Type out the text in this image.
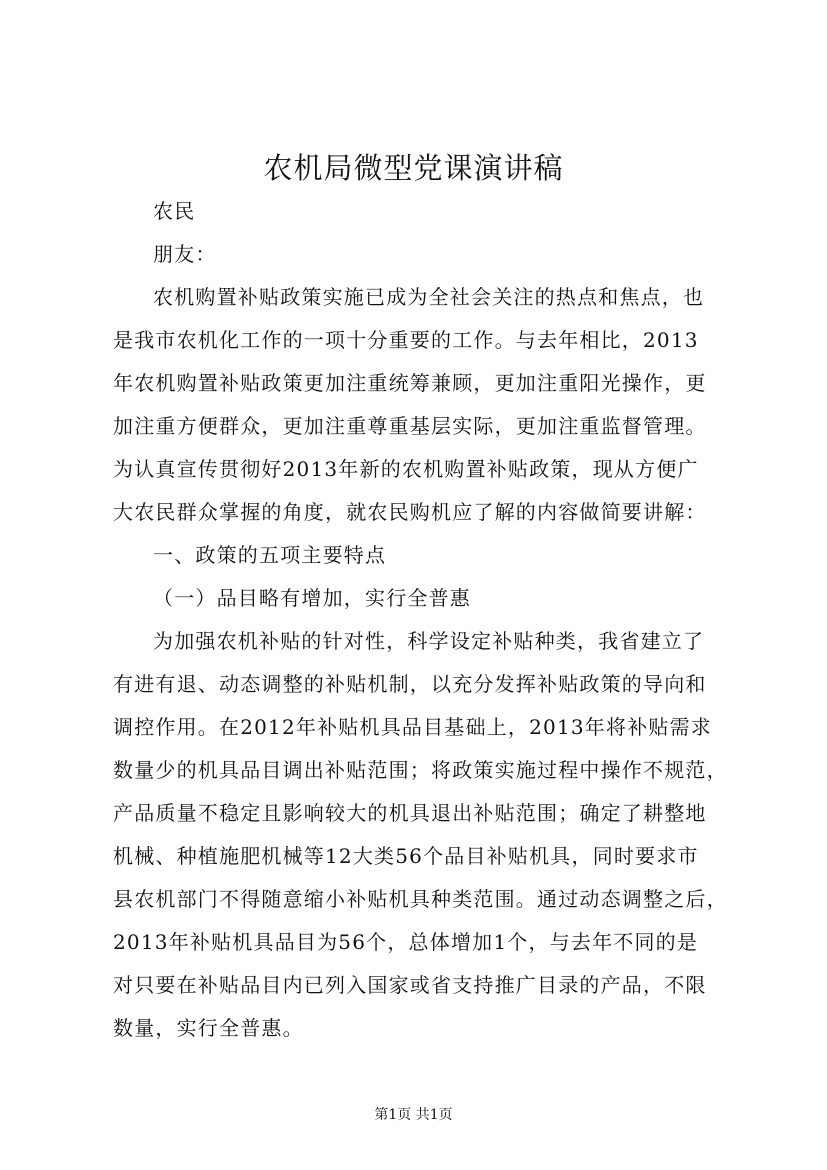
农机局微型党课演讲稿
农民
朋友：
农机购置补贴政策实施已成为全社会关注的热点和焦点，也
是我市农机化工作的一项十分重要的工作。与去年相比，2013
年农机购置补贴政策更加注重统筹兼顾，更加注重阳光操作，更
加注重方便群众，更加注重尊重基层实际，更加注重监督管理。
为认真宣传贯彻好2013年新的农机购置补贴政策，现从方便广
大农民群众掌握的角度，就农民购机应了解的内容做简要讲解：
一、政策的五项主要特点
（一）品目略有增加，实行全普惠
为加强农机补贴的针对性，科学设定补贴种类，我省建立了
有进有退、动态调整的补贴机制，以充分发挥补贴政策的导向和
调控作用。在2012年补贴机具品目基础上，2013年将补贴需求
数量少的机具品目调出补贴范围；将政策实施过程中操作不规范，
产品质量不稳定且影响较大的机具退出补贴范围；确定了耕整地
机械、种植施肥机械等12大类56个品目补贴机具，同时要求市
县农机部门不得随意缩小补贴机具种类范围。通过动态调整之后，
2013年补贴机具品目为56个，总体增加1个，与去年不同的是
对只要在补贴品目内已列入国家或省支持推广目录的产品，不限
数量，实行全普惠。
第1页 共1页
